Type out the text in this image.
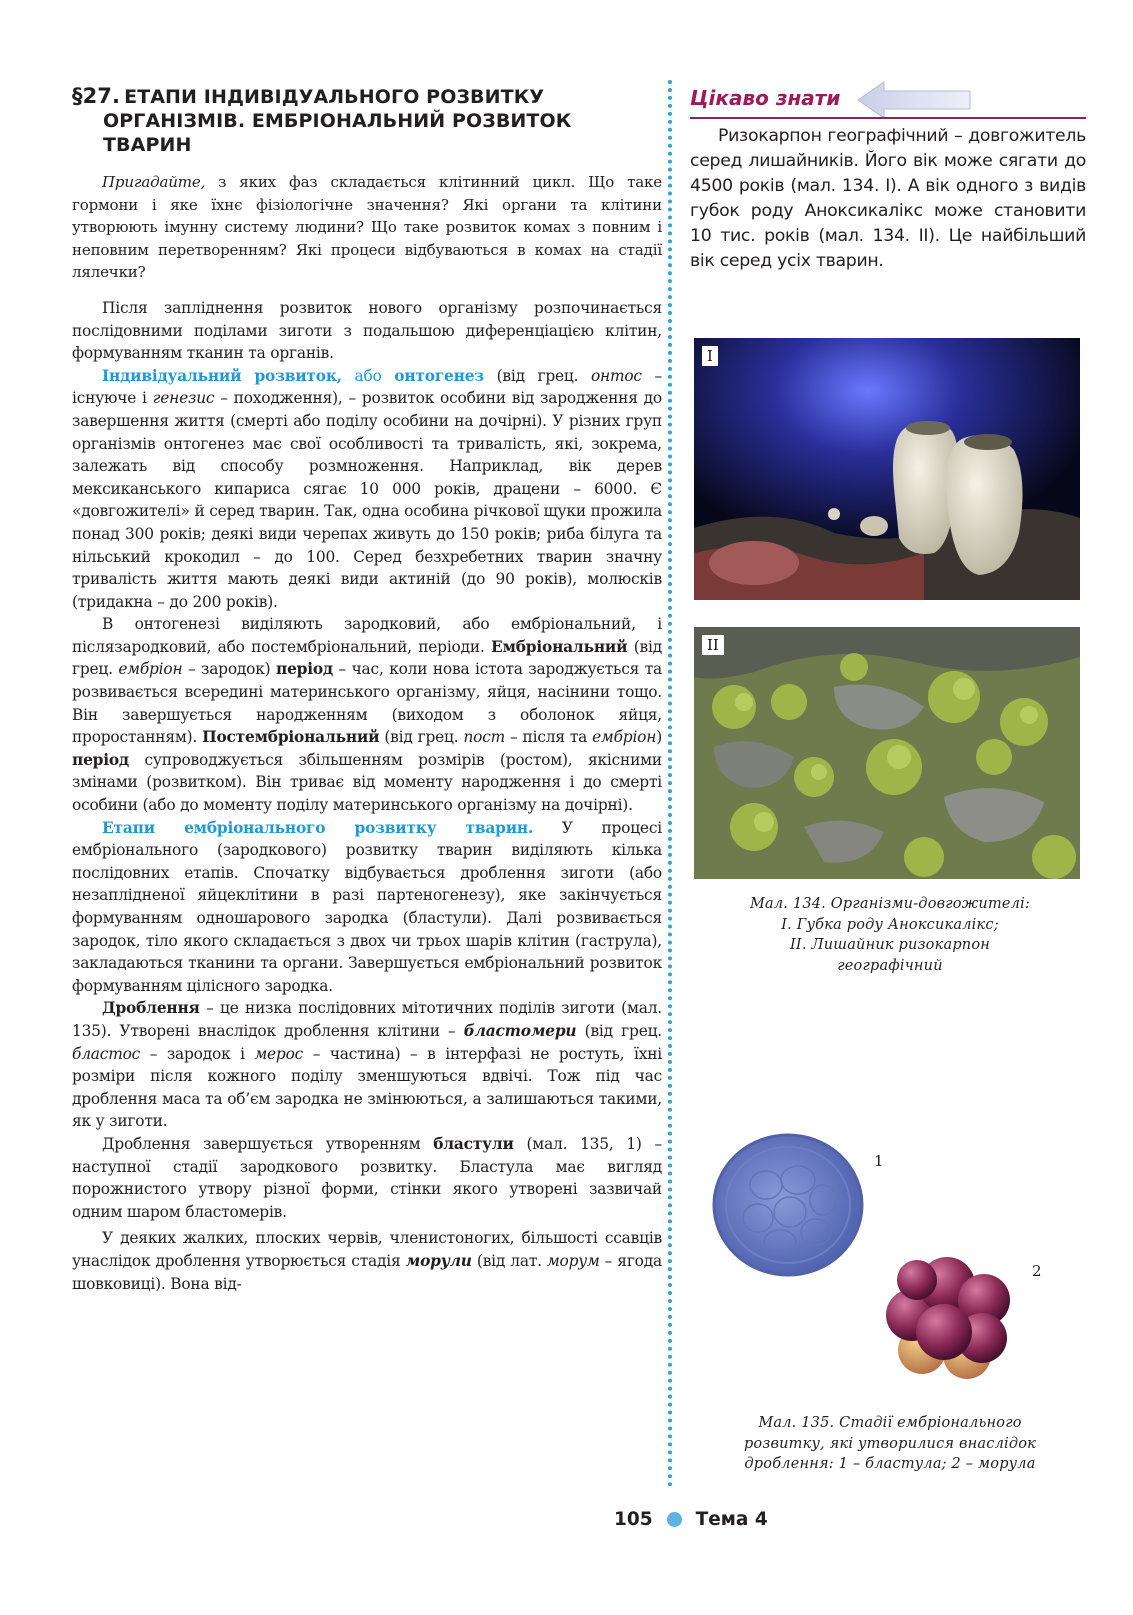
§27. ЕТАПИ ІНДИВІДУАЛЬНОГО РОЗВИТКУ
ОРГАНІЗМІВ. ЕМБРІОНАЛЬНИЙ РОЗВИТОК ТВАРИН

Пригадайте, з яких фаз складається клітинний цикл. Що таке гормони і яке їхнє фізіологічне значення? Які органи та клітини утворюють імунну систему людини? Що таке розвиток комах з повним і неповним перетворенням? Які процеси відбуваються в комах на стадії лялечки?

Після запліднення розвиток нового організму розпочинається послідовними поділами зиготи з подальшою диференціацією клітин, формуванням тканин та органів.

Індивідуальний розвиток, або онтогенез (від грец. онтос – існуюче і генезис – походження), – розвиток особини від зародження до завершення життя (смерті або поділу особини на дочірні). У різних груп організмів онтогенез має свої особливості та тривалість, які, зокрема, залежать від способу розмноження. Наприклад, вік дерев мексиканського кипариса сягає 10 000 років, драцени – 6000. Є «довгожителі» й серед тварин. Так, одна особина річкової щуки прожила понад 300 років; деякі види черепах живуть до 150 років; риба білуга та нільський крокодил – до 100. Серед безхребетних тварин значну тривалість життя мають деякі види актиній (до 90 років), молюсків (тридакна – до 200 років).

В онтогенезі виділяють зародковий, або ембріональний, і післязародковий, або постембріональний, періоди. Ембріональний (від грец. ембріон – зародок) період – час, коли нова істота зароджується та розвивається всередині материнського організму, яйця, насінини тощо. Він завершується народженням (виходом з оболонок яйця, проростанням). Постембріональний (від грец. пост – після та ембріон) період супроводжується збільшенням розмірів (ростом), якісними змінами (розвитком). Він триває від моменту народження і до смерті особини (або до моменту поділу материнського організму на дочірні).

Етапи ембріонального розвитку тварин. У процесі ембріонального (зародкового) розвитку тварин виділяють кілька послідовних етапів. Спочатку відбувається дроблення зиготи (або незаплідненої яйцеклітини в разі партеногенезу), яке закінчується формуванням одношарового зародка (бластули). Далі розвивається зародок, тіло якого складається з двох чи трьох шарів клітин (гаструла), закладаються тканини та органи. Завершується ембріональний розвиток формуванням цілісного зародка.

Дроблення – це низка послідовних мітотичних поділів зиготи (мал. 135). Утворені внаслідок дроблення клітини – бластомери (від грец. бластос – зародок і мерос – частина) – в інтерфазі не ростуть, їхні розміри після кожного поділу зменшуються вдвічі. Тож під час дроблення маса та об’єм зародка не змінюються, а залишаються такими, як у зиготи.

Дроблення завершується утворенням бластули (мал. 135, 1) – наступної стадії зародкового розвитку. Бластула має вигляд порожнистого утвору різної форми, стінки якого утворені зазвичай одним шаром бластомерів.

У деяких жалких, плоских червів, членистоногих, більшості ссавців унаслідок дроблення утворюється стадія морули (від лат. морум – ягода шовковиці). Вона від-

Цікаво знати

Ризокарпон географічний – довгожитель серед лишайників. Його вік може сягати до 4500 років (мал. 134. І). А вік одного з видів губок роду Аноксикалікс може становити 10 тис. років (мал. 134. ІІ). Це найбільший вік серед усіх тварин.

I
II

Мал. 134. Організми-довгожителі:
I. Губка роду Аноксикалікс;
II. Лишайник ризокарпон
географічний

1
2

Мал. 135. Стадії ембріонального
розвитку, які утворилися внаслідок
дроблення: 1 – бластула; 2 – морула

105 Тема 4
